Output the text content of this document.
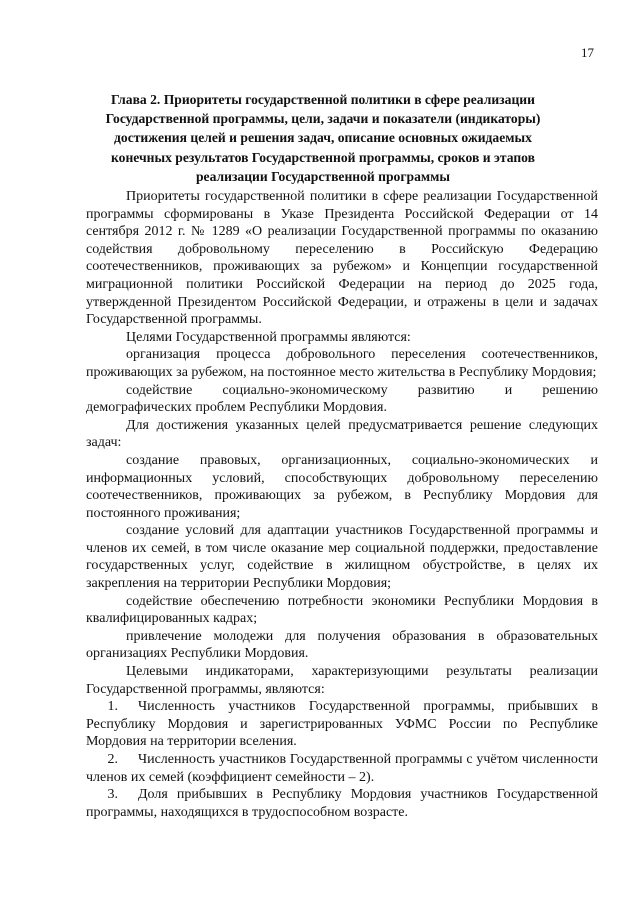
17
Глава 2. Приоритеты государственной политики в сфере реализации Государственной программы, цели, задачи и показатели (индикаторы) достижения целей и решения задач, описание основных ожидаемых конечных результатов Государственной программы, сроков и этапов реализации Государственной программы

Приоритеты государственной политики в сфере реализации Государственной программы сформированы в Указе Президента Российской Федерации от 14 сентября 2012 г. № 1289 «О реализации Государственной программы по оказанию содействия добровольному переселению в Российскую Федерацию соотечественников, проживающих за рубежом» и Концепции государственной миграционной политики Российской Федерации на период до 2025 года, утвержденной Президентом Российской Федерации, и отражены в цели и задачах Государственной программы.

Целями Государственной программы являются:

организация процесса добровольного переселения соотечественников, проживающих за рубежом, на постоянное место жительства в Республику Мордовия;

содействие социально-экономическому развитию и решению демографических проблем Республики Мордовия.

Для достижения указанных целей предусматривается решение следующих задач:

создание правовых, организационных, социально-экономических и информационных условий, способствующих добровольному переселению соотечественников, проживающих за рубежом, в Республику Мордовия для постоянного проживания;

создание условий для адаптации участников Государственной программы и членов их семей, в том числе оказание мер социальной поддержки, предоставление государственных услуг, содействие в жилищном обустройстве, в целях их закрепления на территории Республики Мордовия;

содействие обеспечению потребности экономики Республики Мордовия в квалифицированных кадрах;

привлечение молодежи для получения образования в образовательных организациях Республики Мордовия.

Целевыми индикаторами, характеризующими результаты реализации Государственной программы, являются:

1. Численность участников Государственной программы, прибывших в Республику Мордовия и зарегистрированных УФМС России по Республике Мордовия на территории вселения.

2. Численность участников Государственной программы с учётом численности членов их семей (коэффициент семейности – 2).

3. Доля прибывших в Республику Мордовия участников Государственной программы, находящихся в трудоспособном возрасте.
